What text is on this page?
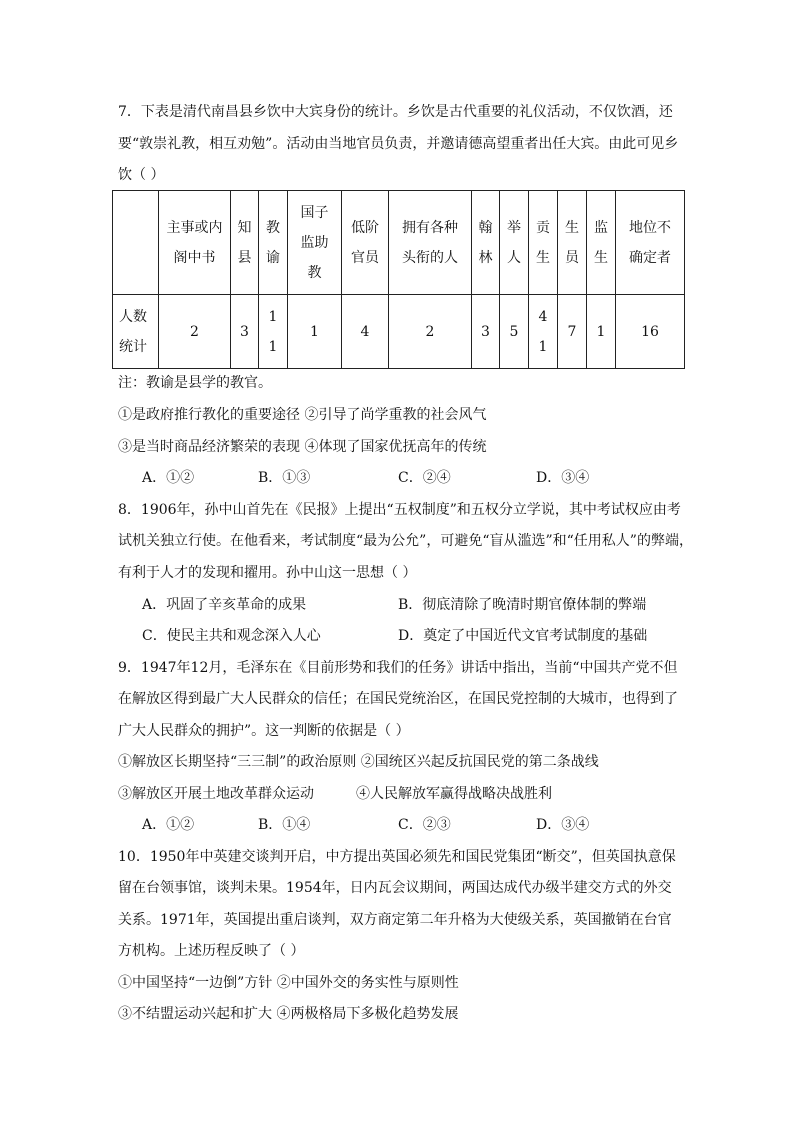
7．下表是清代南昌县乡饮中大宾身份的统计。乡饮是古代重要的礼仪活动，不仅饮酒，还
要“敦崇礼教，相互劝勉”。活动由当地官员负责，并邀请德高望重者出任大宾。由此可见乡
饮（ ）
	主事或内阁中书	知县	教谕	国子监助教	低阶官员	拥有各种头衔的人	翰林	举人	贡生	生员	监生	地位不确定者
人数统计	2	3	11	1	4	2	3	5	41	7	1	16
注：教谕是县学的教官。
①是政府推行教化的重要途径 ②引导了尚学重教的社会风气
③是当时商品经济繁荣的表现 ④体现了国家优抚高年的传统
A．①②	B．①③	C．②④	D．③④
8．1906年，孙中山首先在《民报》上提出“五权制度”和五权分立学说，其中考试权应由考
试机关独立行使。在他看来，考试制度“最为公允”，可避免“盲从滥选”和“任用私人”的弊端，
有利于人才的发现和擢用。孙中山这一思想（ ）
A．巩固了辛亥革命的成果	B．彻底清除了晚清时期官僚体制的弊端
C．使民主共和观念深入人心	D．奠定了中国近代文官考试制度的基础
9．1947年12月，毛泽东在《目前形势和我们的任务》讲话中指出，当前“中国共产党不但
在解放区得到最广大人民群众的信任；在国民党统治区，在国民党控制的大城市，也得到了
广大人民群众的拥护”。这一判断的依据是（ ）
①解放区长期坚持“三三制”的政治原则 ②国统区兴起反抗国民党的第二条战线
③解放区开展土地改革群众运动	④人民解放军赢得战略决战胜利
A．①②	B．①④	C．②③	D．③④
10．1950年中英建交谈判开启，中方提出英国必须先和国民党集团“断交”，但英国执意保
留在台领事馆，谈判未果。1954年，日内瓦会议期间，两国达成代办级半建交方式的外交
关系。1971年，英国提出重启谈判，双方商定第二年升格为大使级关系，英国撤销在台官
方机构。上述历程反映了（ ）
①中国坚持“一边倒”方针 ②中国外交的务实性与原则性
③不结盟运动兴起和扩大 ④两极格局下多极化趋势发展
